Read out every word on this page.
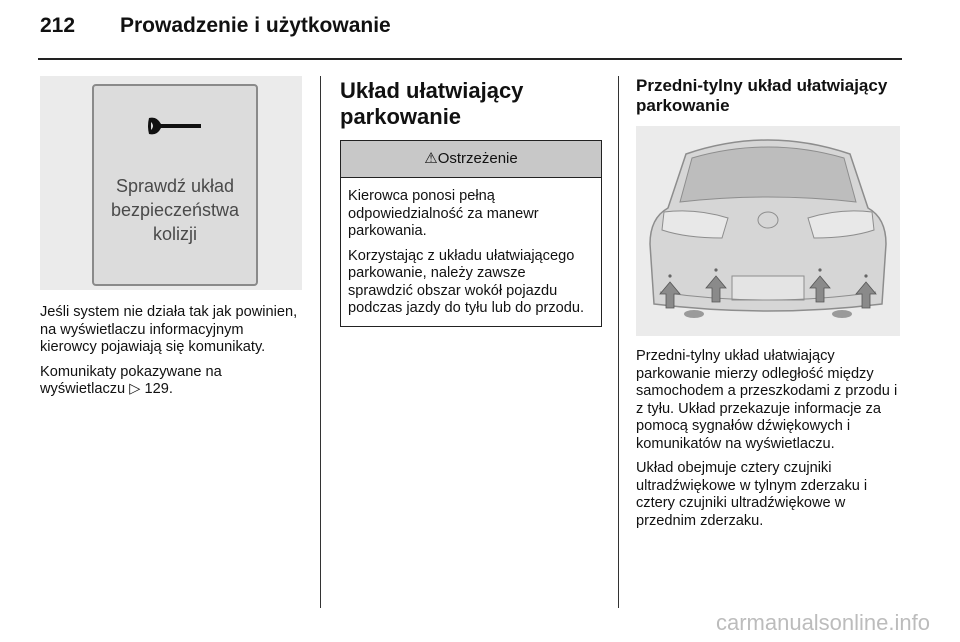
212 Prowadzenie i użytkowanie
Sprawdź układ bezpieczeństwa kolizji

Jeśli system nie działa tak jak powinien, na wyświetlaczu informacyjnym kierowcy pojawiają się komunikaty.

Komunikaty pokazywane na wyświetlaczu ▷ 129.

Układ ułatwiający parkowanie
⚠Ostrzeżenie

Kierowca ponosi pełną odpowiedzialność za manewr parkowania.

Korzystając z układu ułatwiającego parkowanie, należy zawsze sprawdzić obszar wokół pojazdu podczas jazdy do tyłu lub do przodu.

Przedni-tylny układ ułatwiający parkowanie

Przedni-tylny układ ułatwiający parkowanie mierzy odległość między samochodem a przeszkodami z przodu i z tyłu. Układ przekazuje informacje za pomocą sygnałów dźwiękowych i komunikatów na wyświetlaczu.

Układ obejmuje cztery czujniki ultradźwiękowe w tylnym zderzaku i cztery czujniki ultradźwiękowe w przednim zderzaku.

carmanualsonline.info
